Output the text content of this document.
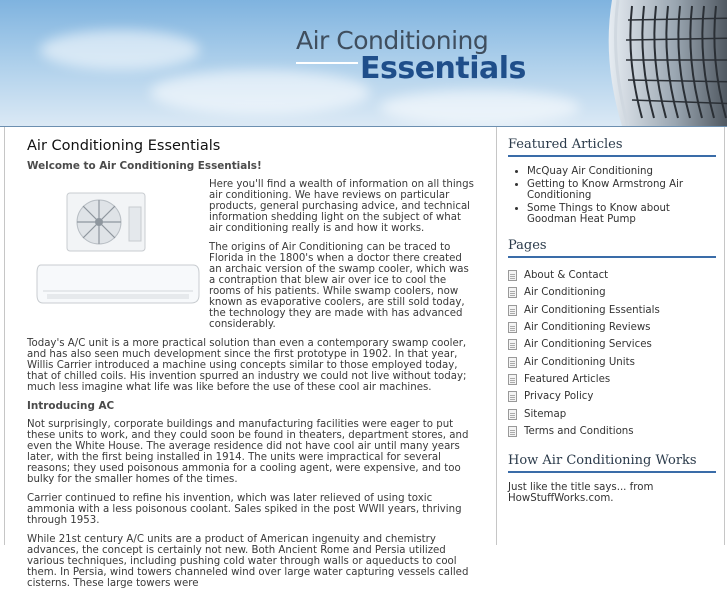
Air Conditioning
Essentials
Air Conditioning Essentials
Welcome to Air Conditioning Essentials!

Here you'll find a wealth of information on all things air conditioning. We have reviews on particular products, general purchasing advice, and technical information shedding light on the subject of what air conditioning really is and how it works.

The origins of Air Conditioning can be traced to Florida in the 1800's when a doctor there created an archaic version of the swamp cooler, which was a contraption that blew air over ice to cool the rooms of his patients. While swamp coolers, now known as evaporative coolers, are still sold today, the technology they are made with has advanced considerably.

Today's A/C unit is a more practical solution than even a contemporary swamp cooler, and has also seen much development since the first prototype in 1902. In that year, Willis Carrier introduced a machine using concepts similar to those employed today, that of chilled coils. His invention spurred an industry we could not live without today; much less imagine what life was like before the use of these cool air machines.

Introducing AC

Not surprisingly, corporate buildings and manufacturing facilities were eager to put these units to work, and they could soon be found in theaters, department stores, and even the White House. The average residence did not have cool air until many years later, with the first being installed in 1914. The units were impractical for several reasons; they used poisonous ammonia for a cooling agent, were expensive, and too bulky for the smaller homes of the times.

Carrier continued to refine his invention, which was later relieved of using toxic ammonia with a less poisonous coolant. Sales spiked in the post WWII years, thriving through 1953.

While 21st century A/C units are a product of American ingenuity and chemistry advances, the concept is certainly not new. Both Ancient Rome and Persia utilized various techniques, including pushing cold water through walls or aqueducts to cool them. In Persia, wind towers channeled wind over large water capturing vessels called cisterns. These large towers were

Featured Articles
• McQuay Air Conditioning
• Getting to Know Armstrong Air Conditioning
• Some Things to Know about Goodman Heat Pump
Pages
About & Contact
Air Conditioning
Air Conditioning Essentials
Air Conditioning Reviews
Air Conditioning Services
Air Conditioning Units
Featured Articles
Privacy Policy
Sitemap
Terms and Conditions
How Air Conditioning Works

Just like the title says... from HowStuffWorks.com.
